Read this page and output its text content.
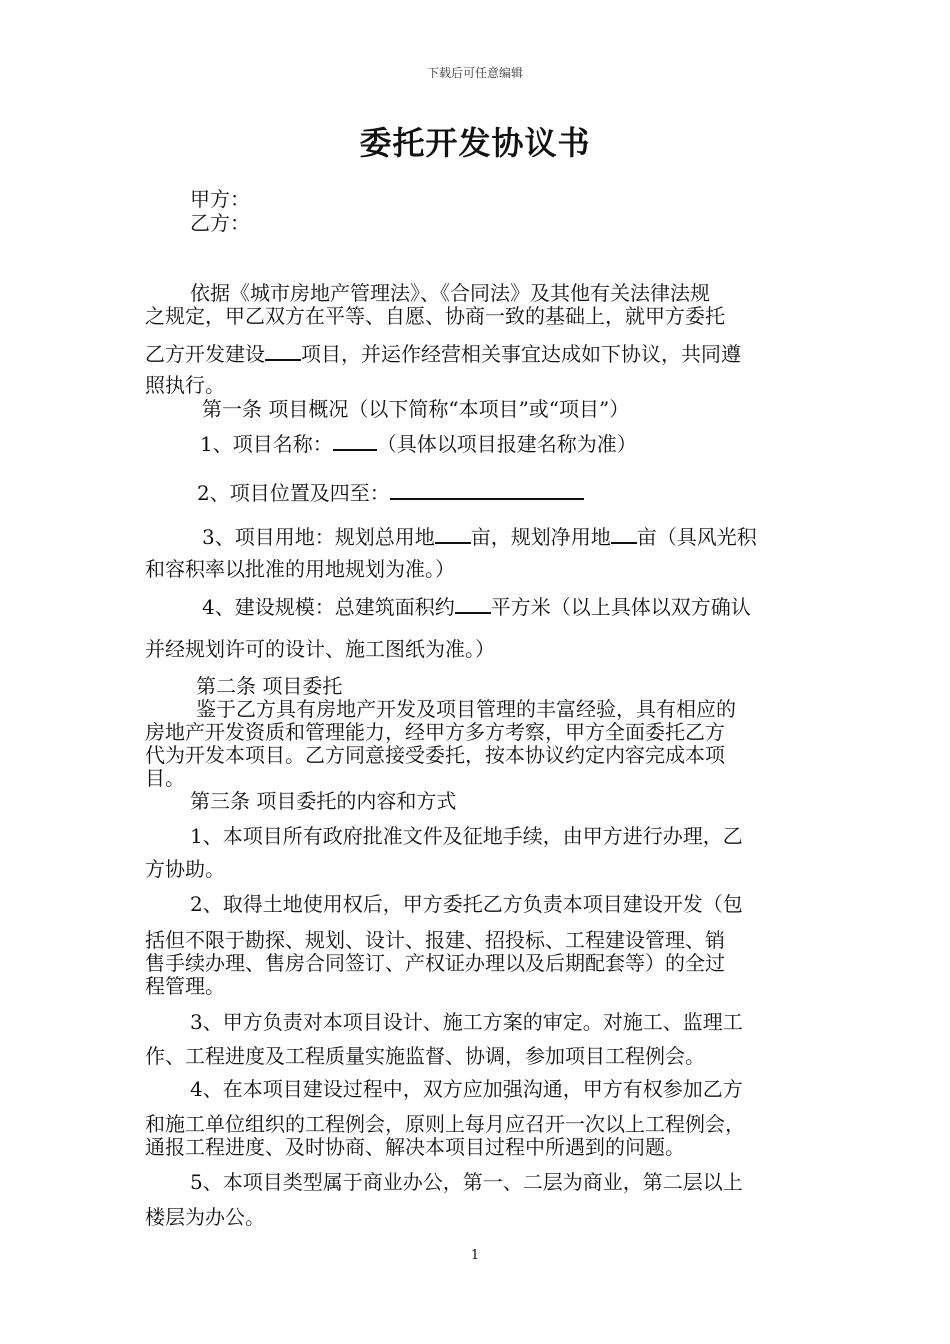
下载后可任意编辑
委托开发协议书
甲方：
乙方：
依据《城市房地产管理法》、《合同法》及其他有关法律法规
之规定，甲乙双方在平等、自愿、协商一致的基础上，就甲方委托
乙方开发建设 项目，并运作经营相关事宜达成如下协议，共同遵
照执行。
第一条 项目概况（以下简称“本项目”或“项目”）
1、项目名称： （具体以项目报建名称为准）
2、项目位置及四至：
3、项目用地：规划总用地 亩，规划净用地 亩（具风光积
和容积率以批准的用地规划为准。）
4、建设规模：总建筑面积约 平方米（以上具体以双方确认
并经规划许可的设计、施工图纸为准。）
第二条 项目委托
鉴于乙方具有房地产开发及项目管理的丰富经验，具有相应的
房地产开发资质和管理能力，经甲方多方考察，甲方全面委托乙方
代为开发本项目。乙方同意接受委托，按本协议约定内容完成本项
目。
第三条 项目委托的内容和方式
1、本项目所有政府批准文件及征地手续，由甲方进行办理，乙
方协助。
2、取得土地使用权后，甲方委托乙方负责本项目建设开发（包
括但不限于勘探、规划、设计、报建、招投标、工程建设管理、销
售手续办理、售房合同签订、产权证办理以及后期配套等）的全过
程管理。
3、甲方负责对本项目设计、施工方案的审定。对施工、监理工
作、工程进度及工程质量实施监督、协调，参加项目工程例会。
4、在本项目建设过程中，双方应加强沟通，甲方有权参加乙方
和施工单位组织的工程例会，原则上每月应召开一次以上工程例会，
通报工程进度、及时协商、解决本项目过程中所遇到的问题。
5、本项目类型属于商业办公，第一、二层为商业，第二层以上
楼层为办公。
1
